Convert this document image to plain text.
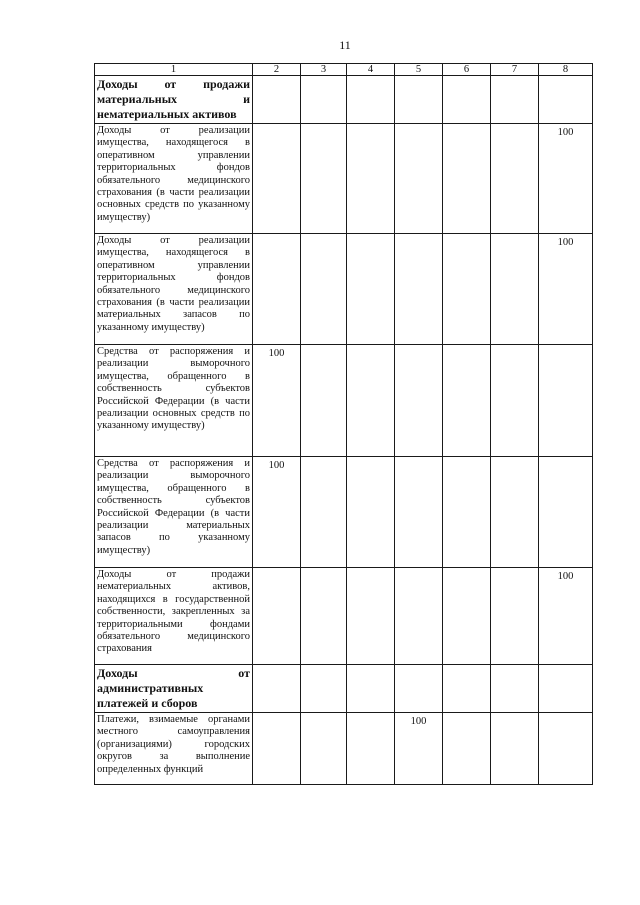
11
1	2	3	4	5	6	7	8
Доходы от продажи материальных и нематериальных активов							
Доходы от реализации имущества, находящегося в оперативном управлении территориальных фондов обязательного медицинского страхования (в части реализации основных средств по указанному имуществу)							100
Доходы от реализации имущества, находящегося в оперативном управлении территориальных фондов обязательного медицинского страхования (в части реализации материальных запасов по указанному имуществу)							100
Средства от распоряжения и реализации выморочного имущества, обращенного в собственность субъектов Российской Федерации (в части реализации основных средств по указанному имуществу)	100						
Средства от распоряжения и реализации выморочного имущества, обращенного в собственность субъектов Российской Федерации (в части реализации материальных запасов по указанному имуществу)	100						
Доходы от продажи нематериальных активов, находящихся в государственной собственности, закрепленных за территориальными фондами обязательного медицинского страхования							100
Доходы от административных платежей и сборов							
Платежи, взимаемые органами местного самоуправления (организациями) городских округов за выполнение определенных функций				100			
